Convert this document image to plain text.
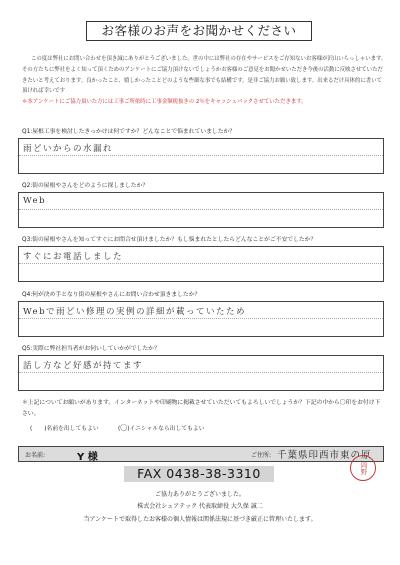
お客様のお声をお聞かせください
この度は弊社にお問い合わせを頂き誠にありがとうございました。世の中には弊社の存在やサービスをご存知ないお客様が沢山いらっしゃいます。その方たちに弊社をよく知って頂くためのアンケートにご協力頂けないでしょうかお客様のご意見をお聞かせいただき今後の活動に反映させていただきたいと考えております。良かったこと、嬉しかったことどのような些細な事でも結構です。是非ご協力お願い致します。出来るだけ具体的に書いて頂ければ幸いです
＊本アンケートにご協力頂いた方には工事ご所依時に工事金額税抜きの 2％をキャッシュバックさせていただきます。
Q1:屋根工事を検討したきっかけは何ですか？どんなことで悩まれていましたか？
雨どいからの水漏れ
Q2:街の屋根やさんをどのように探しましたか？
Web
Q3:街の屋根やさんを知ってすぐにお問合せ頂けましたか？もし悩まれたとしたらどんなことがご不安でしたか？
すぐにお電話しました
Q4:何が決め手となり街の屋根やさんにお問い合わせ頂きましたか？
Webで雨どい修理の実例の詳細が載っていたため
Q5:実際に弊社担当者がお伺いしていかがでしたか？
話し方など好感が持てます
＊上記についてお願いがあります。インターネットや印刷物に掲載させていただいてもよろしいでしょうか？下記の中から〇印をお付け下さい。
( )名前を出してもよい	(〇)イニシャルなら出してもよい
お名前:	Y 様	ご住所: 千葉県印西市東の原
FAX 0438-38-3310	岡野
ご協力ありがとうございました。
株式会社シェアテック 代表取締役 大久保 誠二
当アンケートで取得したお客様の個人情報は関係法規に基づき厳正に管理いたします。
